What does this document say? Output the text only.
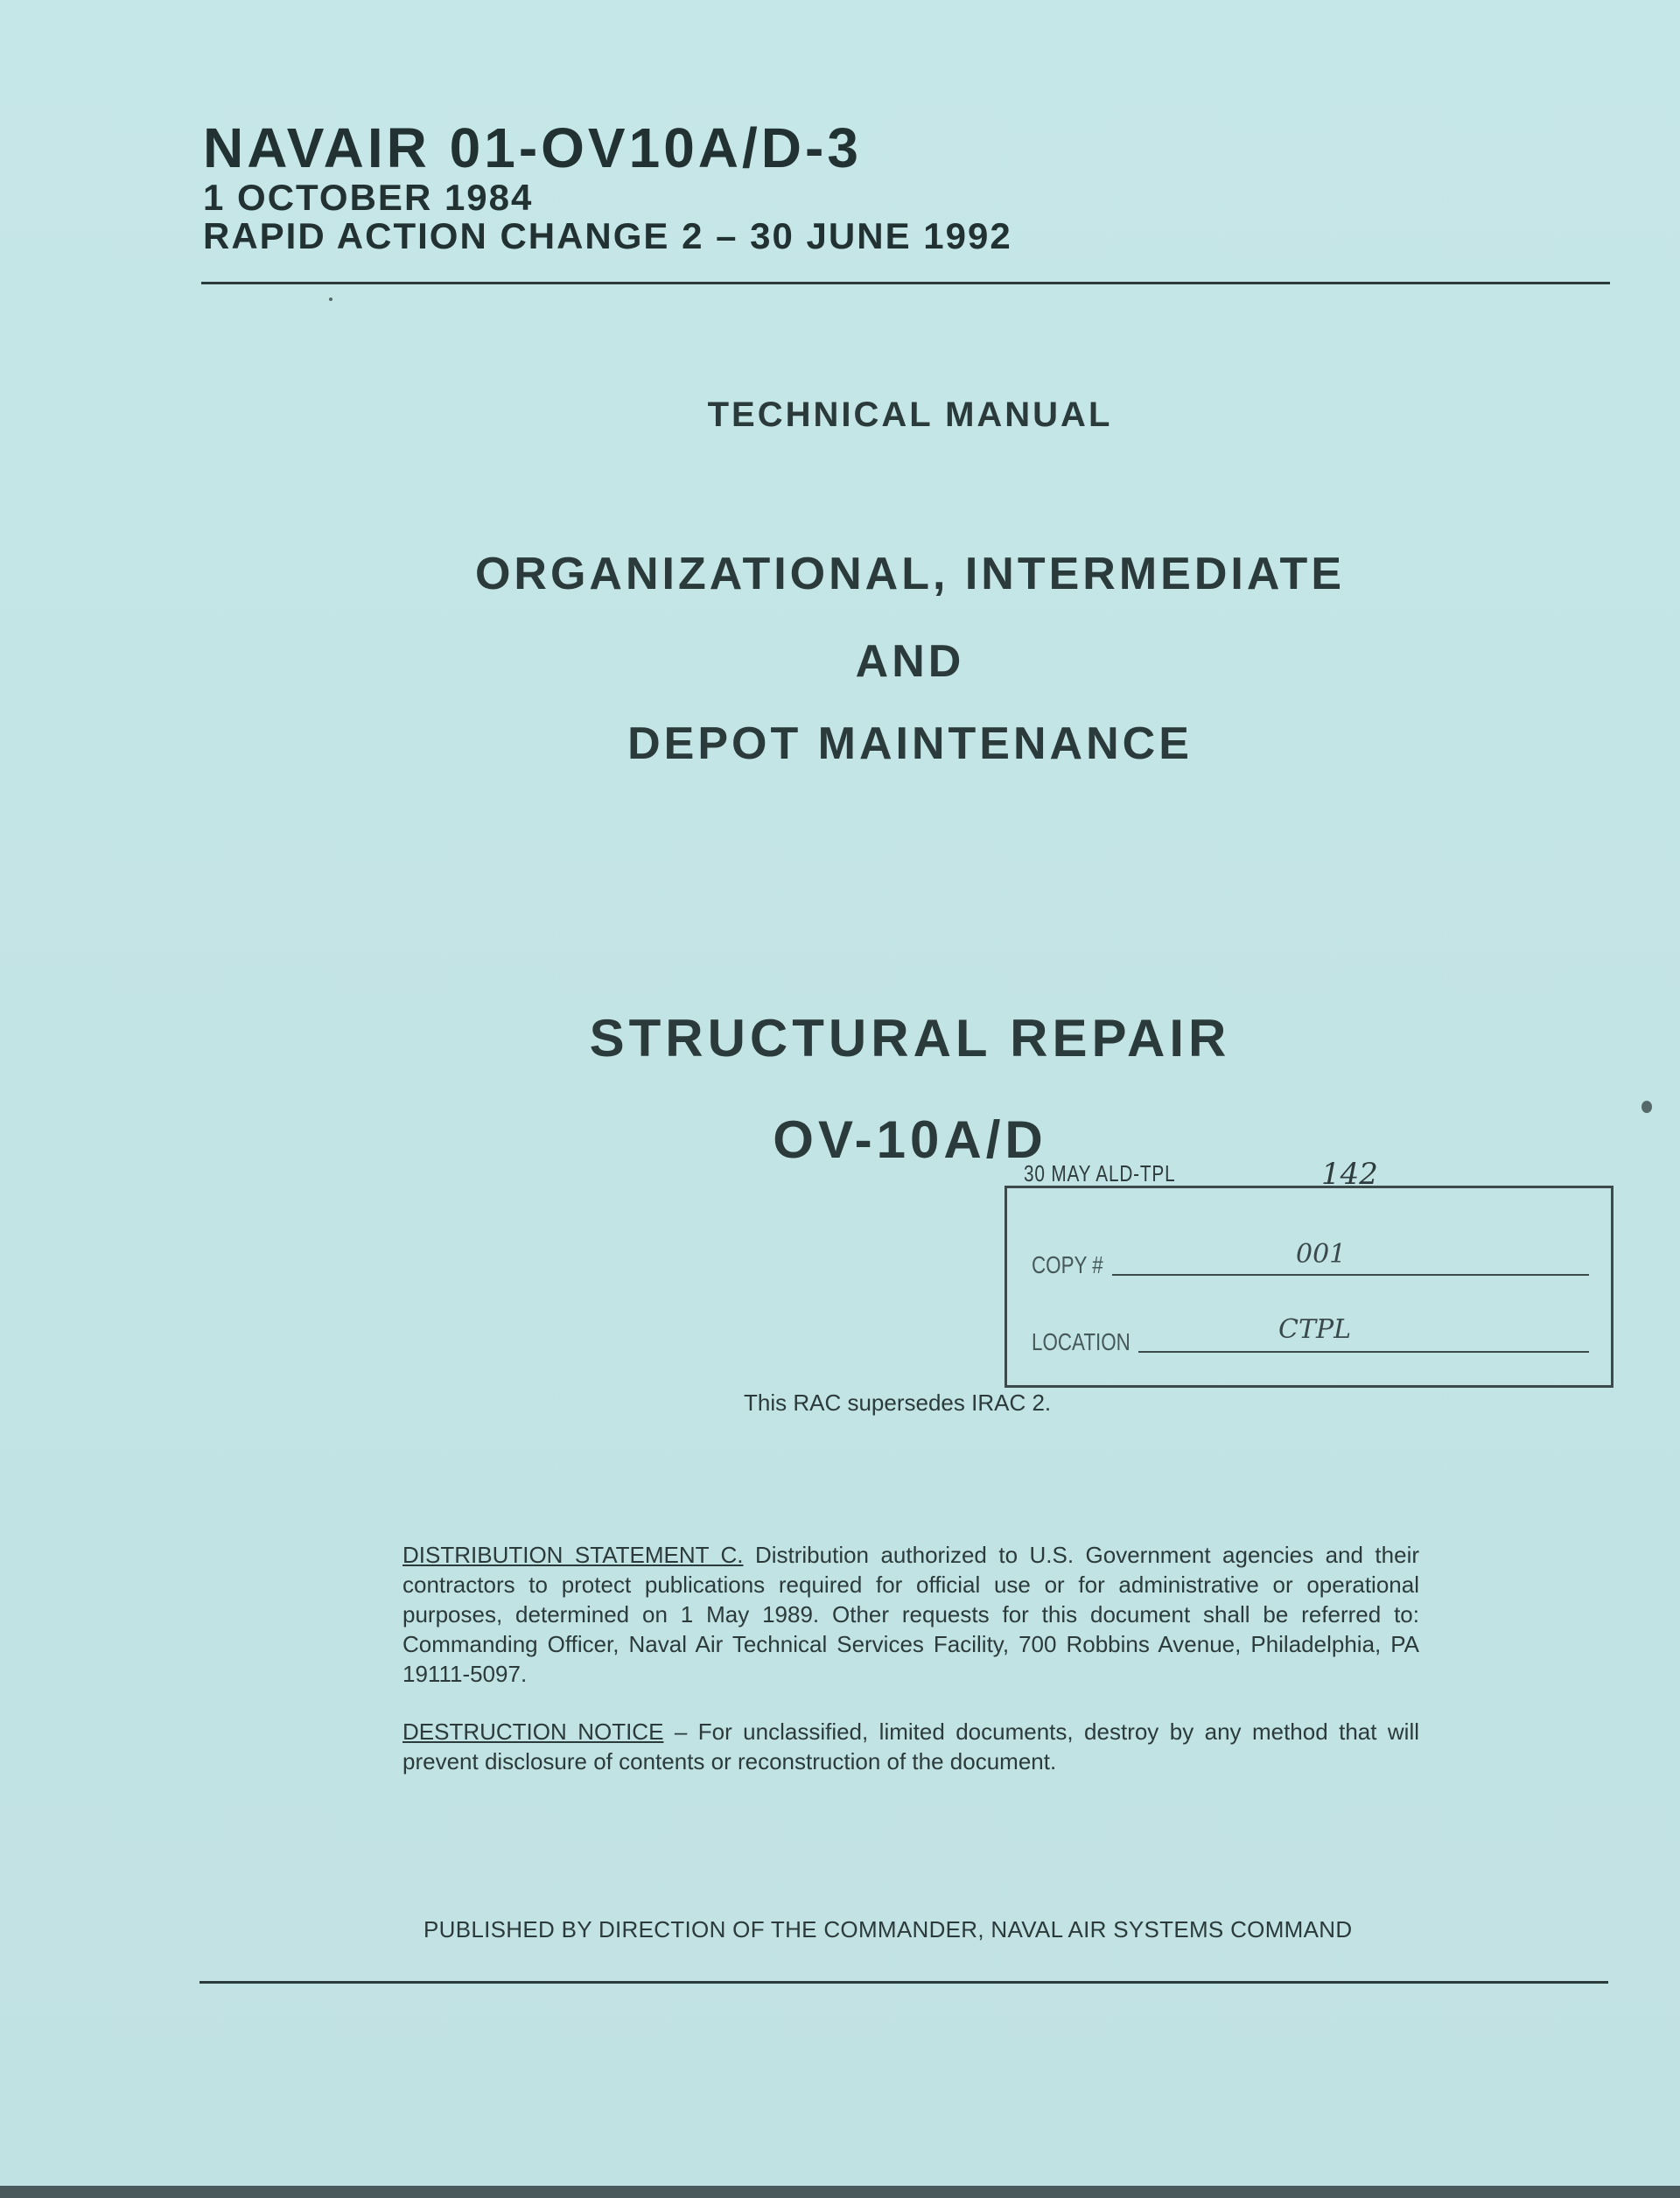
NAVAIR 01-OV10A/D-3
1 OCTOBER 1984
RAPID ACTION CHANGE 2 – 30 JUNE 1992
TECHNICAL MANUAL
ORGANIZATIONAL, INTERMEDIATE
AND
DEPOT MAINTENANCE
STRUCTURAL REPAIR
OV-10A/D
30 MAY ALD-TPL	142
COPY #	001
LOCATION	CTPL
This RAC supersedes IRAC 2.
DISTRIBUTION STATEMENT C. Distribution authorized to U.S. Government agencies and their contractors to protect publications required for official use or for administrative or operational purposes, determined on 1 May 1989. Other requests for this document shall be referred to: Commanding Officer, Naval Air Technical Services Facility, 700 Robbins Avenue, Philadelphia, PA 19111-5097.
DESTRUCTION NOTICE – For unclassified, limited documents, destroy by any method that will prevent disclosure of contents or reconstruction of the document.
PUBLISHED BY DIRECTION OF THE COMMANDER, NAVAL AIR SYSTEMS COMMAND
